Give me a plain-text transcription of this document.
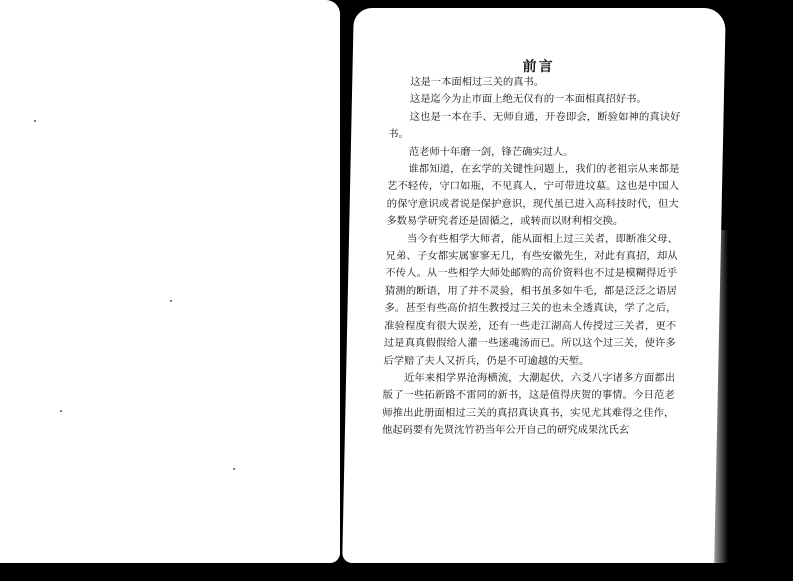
前言

这是一本面相过三关的真书。

这是迄今为止市面上绝无仅有的一本面相真招好书。

这也是一本在手、无师自通，开卷即会，断验如神的真诀好书。

范老师十年磨一剑，锋芒确实过人。

谁都知道，在玄学的关键性问题上，我们的老祖宗从来都是艺不轻传，守口如瓶，不见真人，宁可带进坟墓。这也是中国人的保守意识或者说是保护意识，现代虽已进入高科技时代，但大多数易学研究者还是固循之，或转而以财利相交换。

当今有些相学大师者，能从面相上过三关者，即断准父母、兄弟、子女都实属寥寥无几，有些安徽先生，对此有真招，却从不传人。从一些相学大师处邮购的高价资料也不过是模糊得近乎猜测的断语，用了并不灵验，相书虽多如牛毛，都是泛泛之语居多。甚至有些高价招生教授过三关的也未全透真诀，学了之后，准验程度有很大误差，还有一些走江湖高人传授过三关者，更不过是真真假假给人灌一些迷魂汤而已。所以这个过三关，使许多后学赔了夫人又折兵，仍是不可逾越的天堑。

近年来相学界沧海横流，大潮起伏，六爻八字诸多方面都出版了一些拓新路不雷同的新书，这是值得庆贺的事情。今日范老师推出此册面相过三关的真招真诀真书，实见尤其难得之佳作，他起码要有先贤沈竹礽当年公开自己的研究成果沈氏玄
